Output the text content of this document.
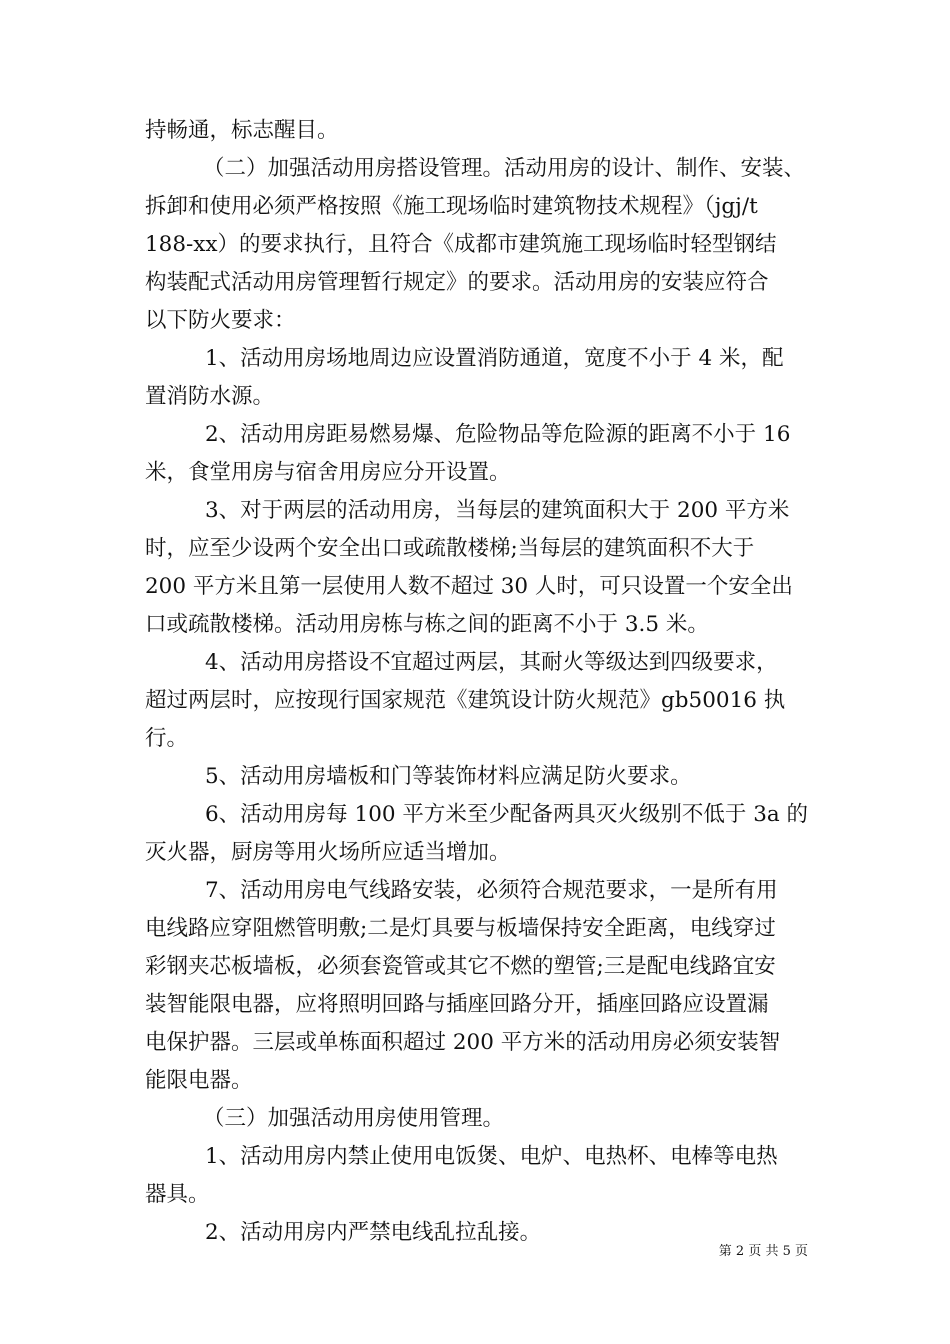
持畅通，标志醒目。
（二）加强活动用房搭设管理。活动用房的设计、制作、安装、
拆卸和使用必须严格按照《施工现场临时建筑物技术规程》（jgj/t
188-xx）的要求执行，且符合《成都市建筑施工现场临时轻型钢结
构装配式活动用房管理暂行规定》的要求。活动用房的安装应符合
以下防火要求：
1、活动用房场地周边应设置消防通道，宽度不小于 4 米，配
置消防水源。
2、活动用房距易燃易爆、危险物品等危险源的距离不小于 16
米，食堂用房与宿舍用房应分开设置。
3、对于两层的活动用房，当每层的建筑面积大于 200 平方米
时，应至少设两个安全出口或疏散楼梯;当每层的建筑面积不大于
200 平方米且第一层使用人数不超过 30 人时，可只设置一个安全出
口或疏散楼梯。活动用房栋与栋之间的距离不小于 3.5 米。
4、活动用房搭设不宜超过两层，其耐火等级达到四级要求，
超过两层时，应按现行国家规范《建筑设计防火规范》gb50016 执
行。
5、活动用房墙板和门等装饰材料应满足防火要求。
6、活动用房每 100 平方米至少配备两具灭火级别不低于 3a 的
灭火器，厨房等用火场所应适当增加。
7、活动用房电气线路安装，必须符合规范要求，一是所有用
电线路应穿阻燃管明敷;二是灯具要与板墙保持安全距离，电线穿过
彩钢夹芯板墙板，必须套瓷管或其它不燃的塑管;三是配电线路宜安
装智能限电器，应将照明回路与插座回路分开，插座回路应设置漏
电保护器。三层或单栋面积超过 200 平方米的活动用房必须安装智
能限电器。
（三）加强活动用房使用管理。
1、活动用房内禁止使用电饭煲、电炉、电热杯、电棒等电热
器具。
2、活动用房内严禁电线乱拉乱接。
第 2 页 共 5 页
